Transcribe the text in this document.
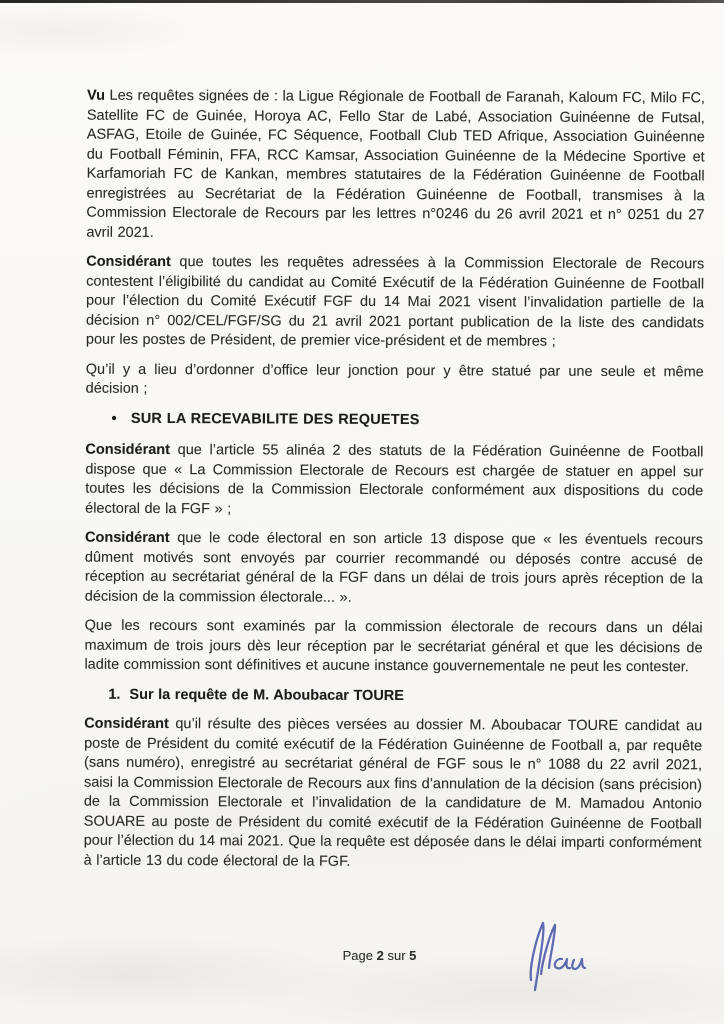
Vu Les requêtes signées de : la Ligue Régionale de Football de Faranah, Kaloum FC, Milo FC, Satellite FC de Guinée, Horoya AC, Fello Star de Labé, Association Guinéenne de Futsal, ASFAG, Etoile de Guinée, FC Séquence, Football Club TED Afrique, Association Guinéenne du Football Féminin, FFA, RCC Kamsar, Association Guinéenne de la Médecine Sportive et Karfamoriah FC de Kankan, membres statutaires de la Fédération Guinéenne de Football enregistrées au Secrétariat de la Fédération Guinéenne de Football, transmises à la Commission Electorale de Recours par les lettres n°0246 du 26 avril 2021 et n° 0251 du 27 avril 2021.

Considérant que toutes les requêtes adressées à la Commission Electorale de Recours contestent l’éligibilité du candidat au Comité Exécutif de la Fédération Guinéenne de Football pour l’élection du Comité Exécutif FGF du 14 Mai 2021 visent l’invalidation partielle de la décision n° 002/CEL/FGF/SG du 21 avril 2021 portant publication de la liste des candidats pour les postes de Président, de premier vice-président et de membres ;

Qu’il y a lieu d’ordonner d’office leur jonction pour y être statué par une seule et même décision ;

• SUR LA RECEVABILITE DES REQUETES

Considérant que l’article 55 alinéa 2 des statuts de la Fédération Guinéenne de Football dispose que « La Commission Electorale de Recours est chargée de statuer en appel sur toutes les décisions de la Commission Electorale conformément aux dispositions du code électoral de la FGF » ;

Considérant que le code électoral en son article 13 dispose que « les éventuels recours dûment motivés sont envoyés par courrier recommandé ou déposés contre accusé de réception au secrétariat général de la FGF dans un délai de trois jours après réception de la décision de la commission électorale... ».

Que les recours sont examinés par la commission électorale de recours dans un délai maximum de trois jours dès leur réception par le secrétariat général et que les décisions de ladite commission sont définitives et aucune instance gouvernementale ne peut les contester.

1. Sur la requête de M. Aboubacar TOURE

Considérant qu’il résulte des pièces versées au dossier M. Aboubacar TOURE candidat au poste de Président du comité exécutif de la Fédération Guinéenne de Football a, par requête (sans numéro), enregistré au secrétariat général de FGF sous le n° 1088 du 22 avril 2021, saisi la Commission Electorale de Recours aux fins d’annulation de la décision (sans précision) de la Commission Electorale et l’invalidation de la candidature de M. Mamadou Antonio SOUARE au poste de Président du comité exécutif de la Fédération Guinéenne de Football pour l’élection du 14 mai 2021. Que la requête est déposée dans le délai imparti conformément à l’article 13 du code électoral de la FGF.

Page 2 sur 5
